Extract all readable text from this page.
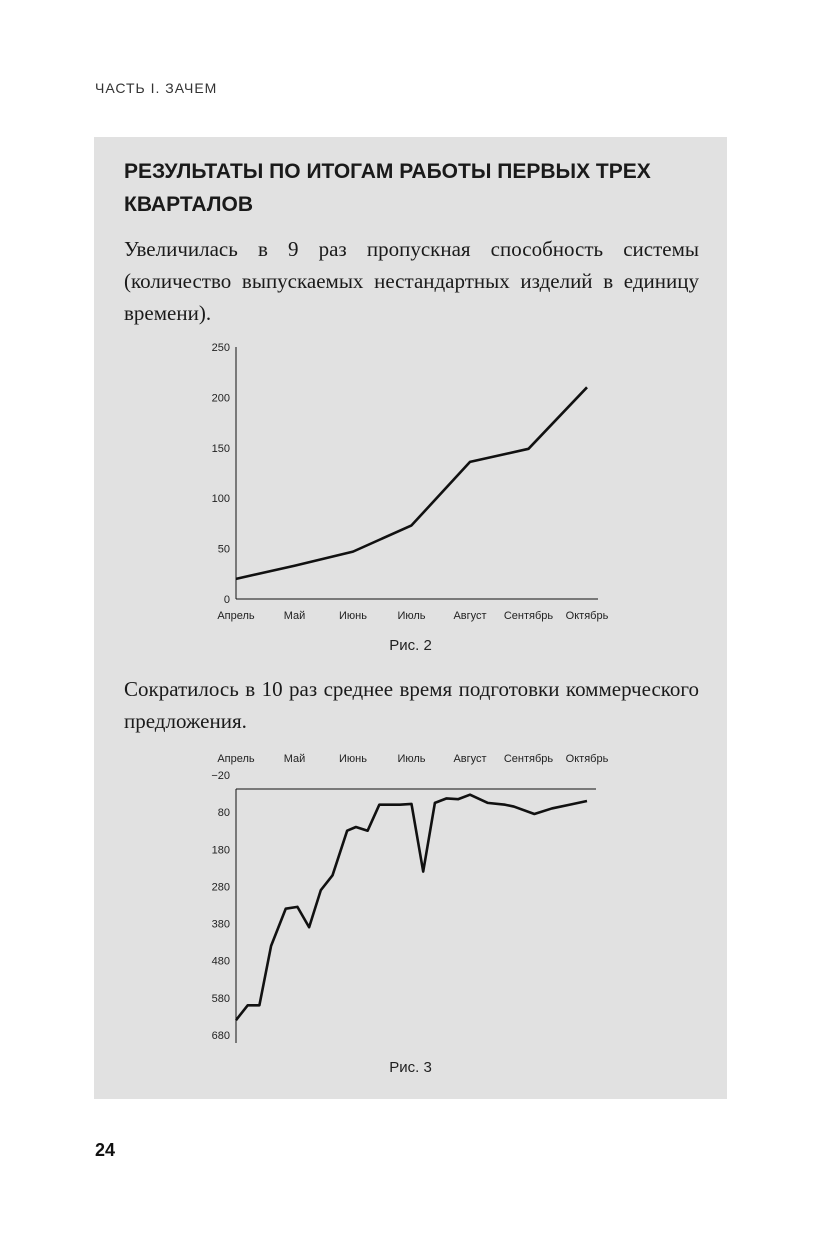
ЧАСТЬ I. ЗАЧЕМ
РЕЗУЛЬТАТЫ ПО ИТОГАМ РАБОТЫ ПЕРВЫХ ТРЕХ КВАРТАЛОВ
Увеличилась в 9 раз пропускная способность системы (количество выпускаемых нестандартных изделий в единицу времени).
0
50
100
150
200
250
Апрель	Май	Июнь	Июль	Август Сентябрь Октябрь
Рис. 2
Сократилось в 10 раз среднее время подготовки коммерческого предложения.
Апрель	Май	Июнь	Июль	Август Сентябрь Октябрь
−20
80
180
280
380
480
580
680
Рис. 3
24
